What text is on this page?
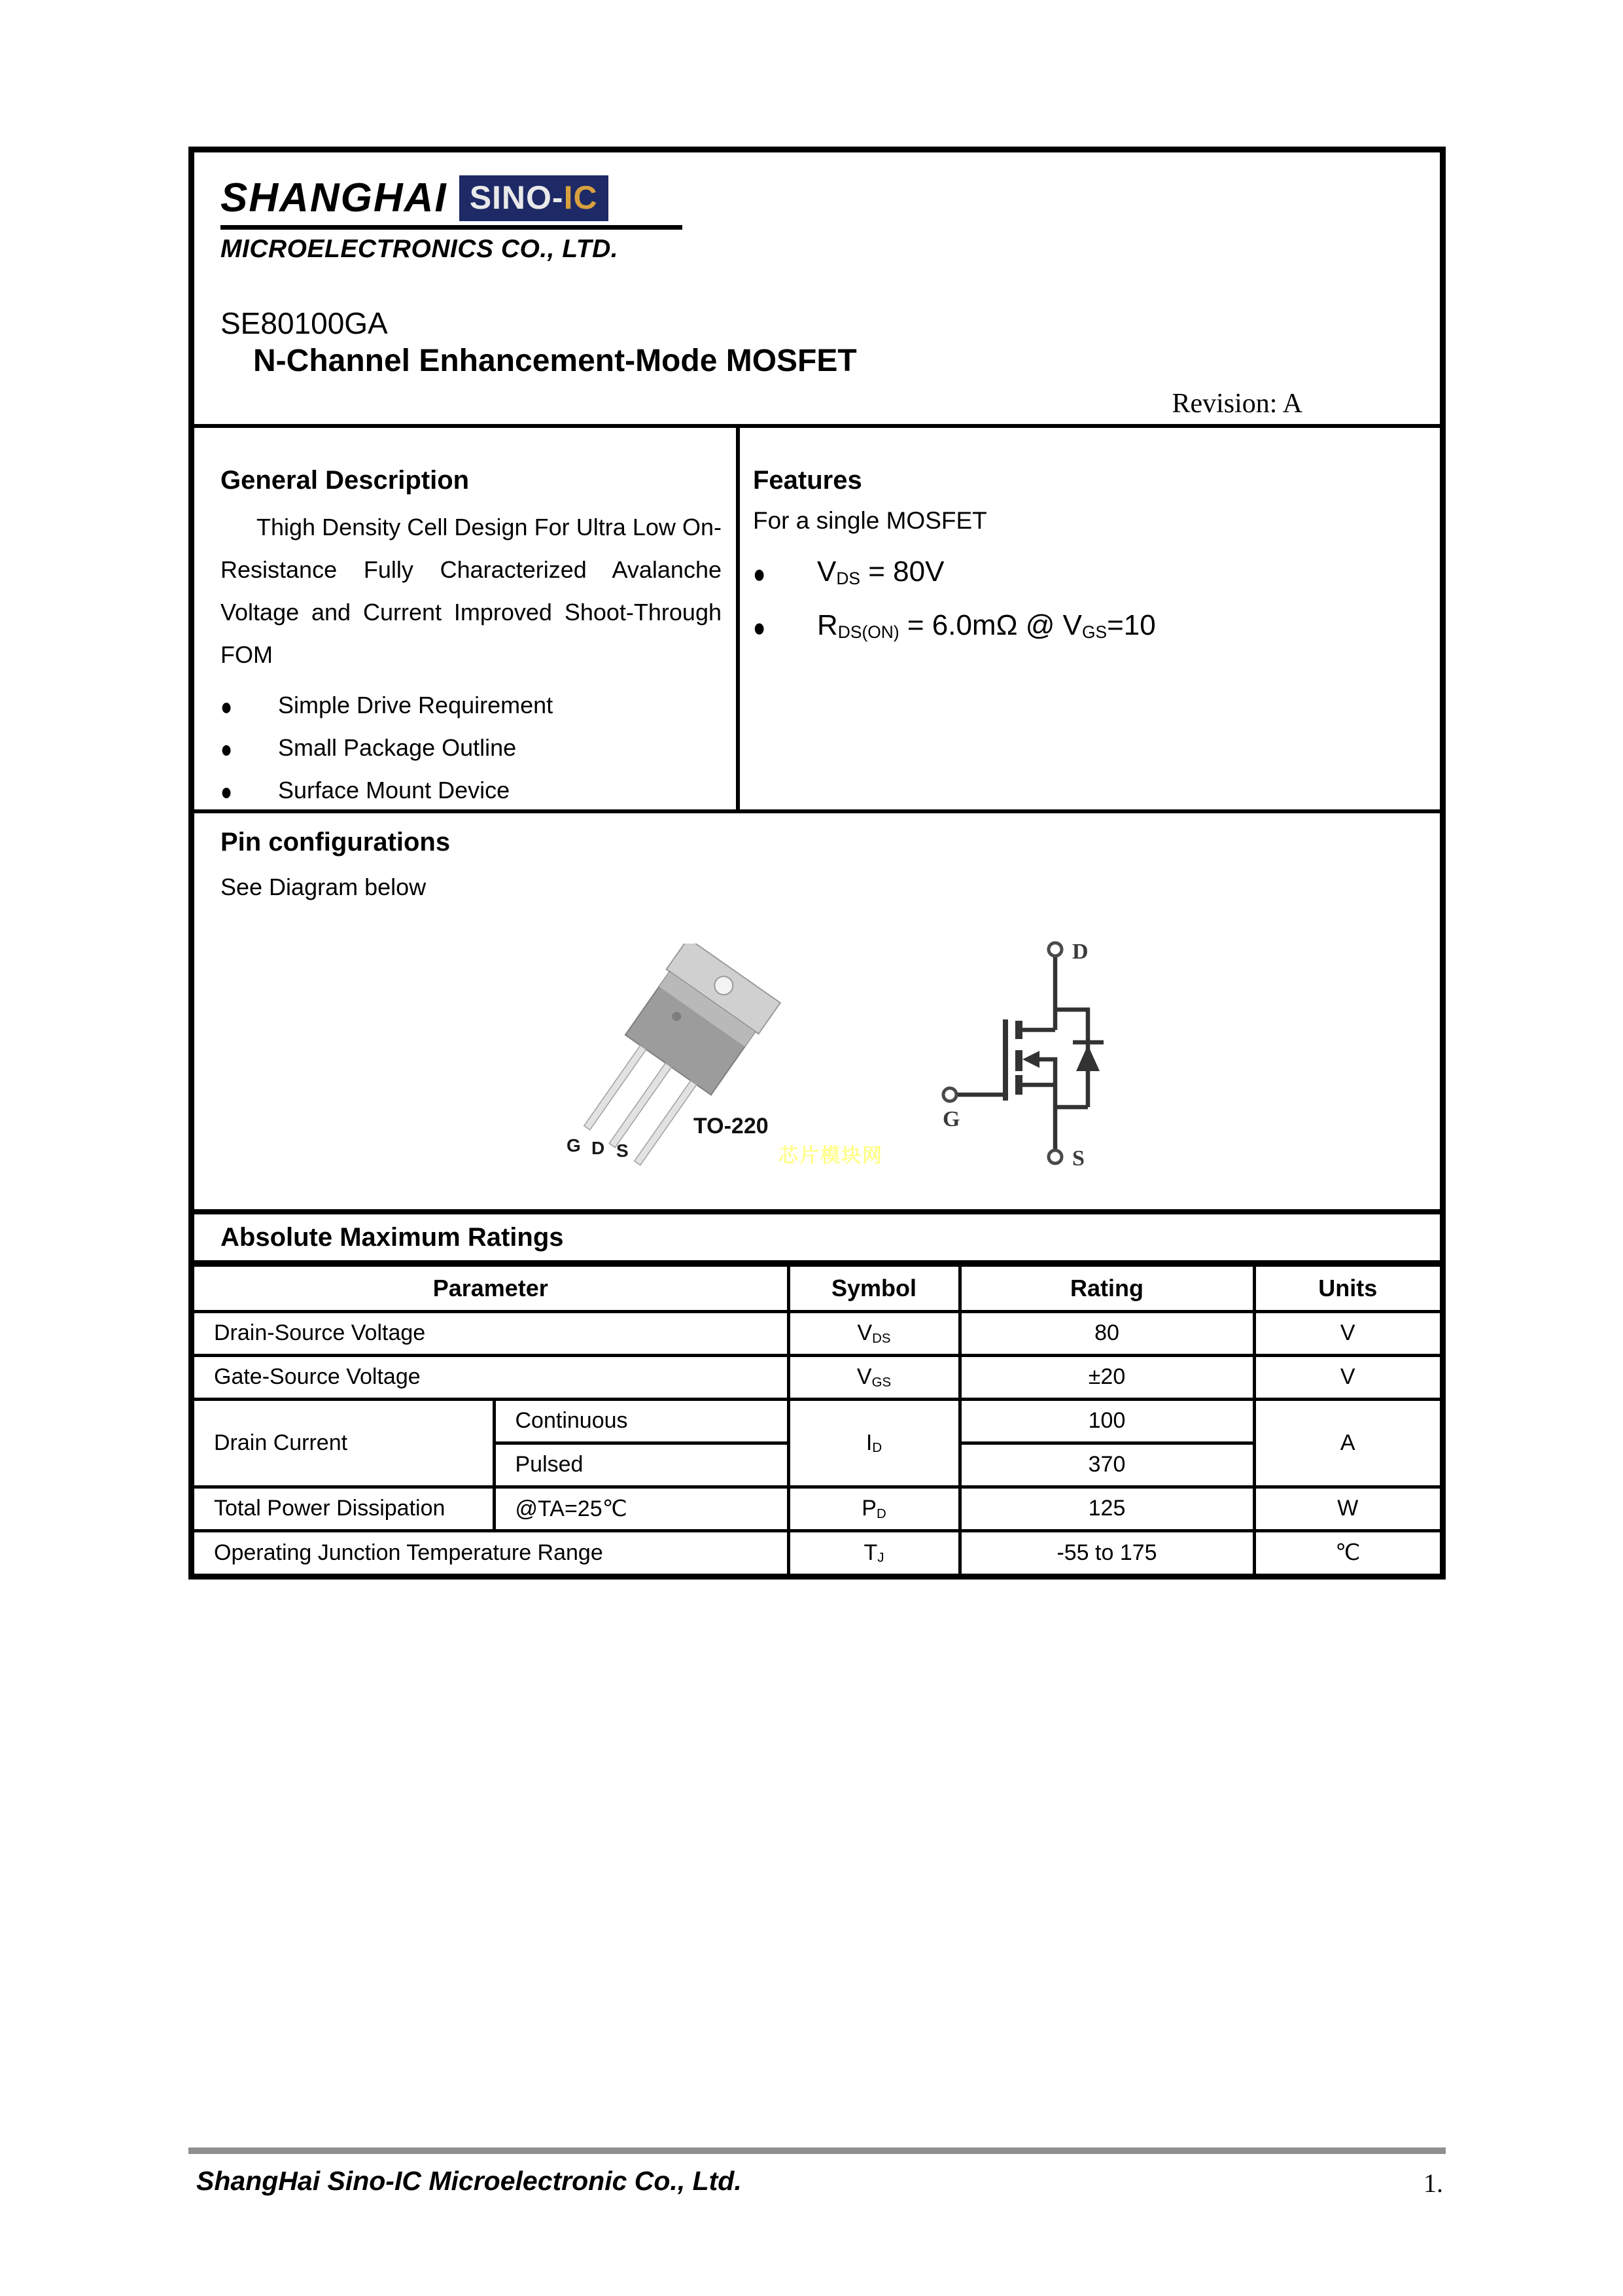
SHANGHAI SINO-IC
MICROELECTRONICS CO., LTD.
SE80100GA
N-Channel Enhancement-Mode MOSFET
Revision: A
General Description

Thigh Density Cell Design For Ultra Low On-Resistance Fully Characterized Avalanche Voltage and Current Improved Shoot-Through FOM

●	Simple Drive Requirement
●	Small Package Outline
●	Surface Mount Device
Features

For a single MOSFET

●	$V_{DS} = 80V$
●	$R_{DS(ON)} = 6.0m\Omega$ @ $V_{GS}=10$
Pin configurations
See Diagram below
G D S
TO-220
D
G
S
芯片模块网
Absolute Maximum Ratings
Parameter		Symbol	Rating	Units
Drain-Source Voltage		$V_{DS}$	80	V
Gate-Source Voltage		$V_{GS}$	±20	V
Drain Current	Continuous	$I_D$	100	A
	Pulsed		370	
Total Power Dissipation	@TA=25℃	$P_D$	125	W
Operating Junction Temperature Range		$T_J$	-55 to 175	℃
ShangHai Sino-IC Microelectronic Co., Ltd.	1.
